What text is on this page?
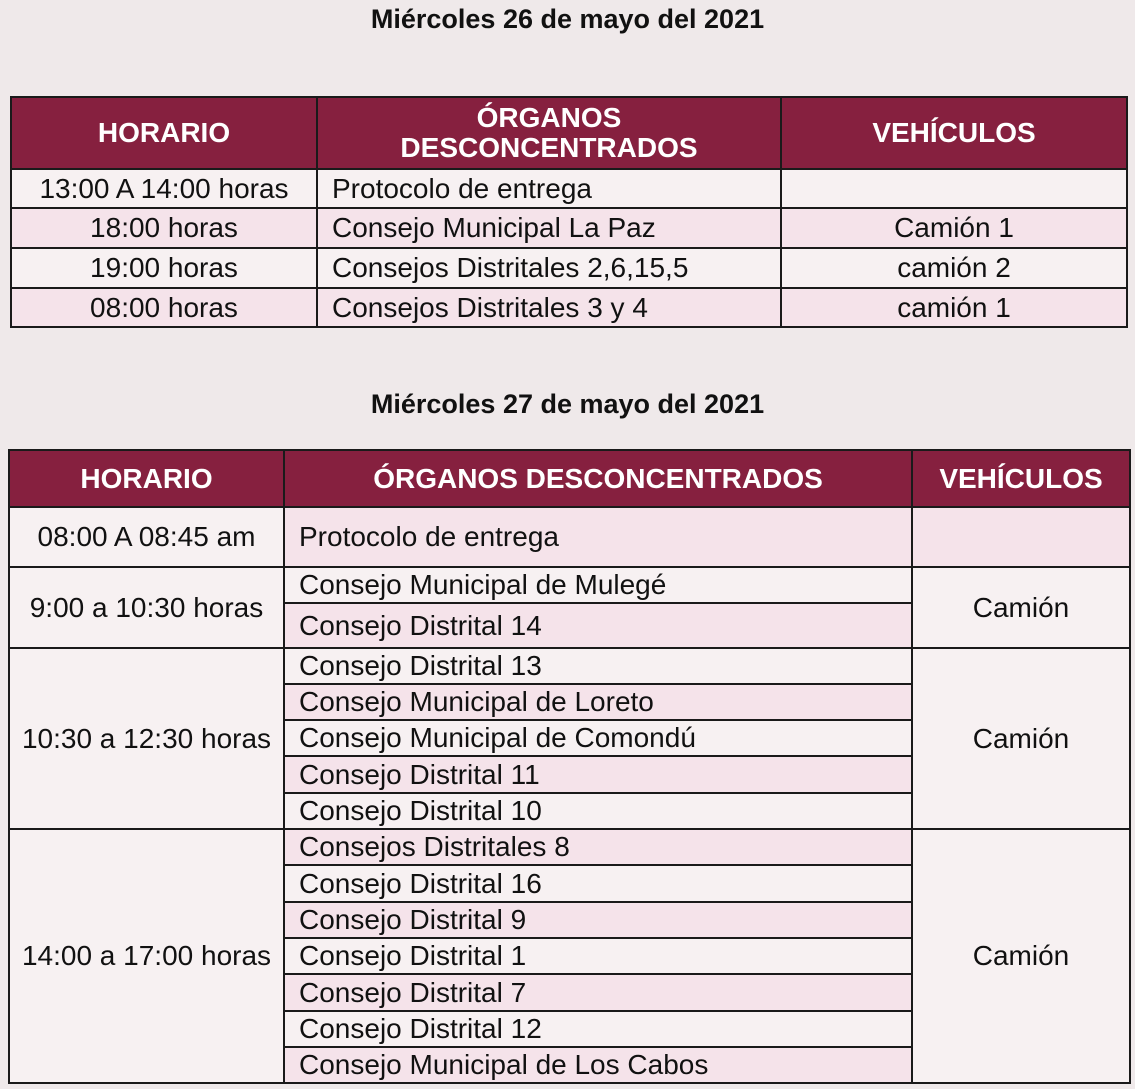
Miércoles 26 de mayo del 2021
HORARIO	ÓRGANOS DESCONCENTRADOS	VEHÍCULOS
13:00 A 14:00 horas	Protocolo de entrega	
18:00 horas	Consejo Municipal La Paz	Camión 1
19:00 horas	Consejos Distritales 2,6,15,5	camión 2
08:00 horas	Consejos Distritales 3 y 4	camión 1
Miércoles 27 de mayo del 2021
HORARIO	ÓRGANOS DESCONCENTRADOS	VEHÍCULOS
08:00 A 08:45 am	Protocolo de entrega	
9:00 a 10:30 horas	Consejo Municipal de Mulegé	Camión
	Consejo Distrital 14	
10:30 a 12:30 horas	Consejo Distrital 13	Camión
	Consejo Municipal de Loreto	
	Consejo Municipal de Comondú	
	Consejo Distrital 11	
	Consejo Distrital 10	
14:00 a 17:00 horas	Consejos Distritales 8	Camión
	Consejo Distrital 16	
	Consejo Distrital 9	
	Consejo Distrital 1	
	Consejo Distrital 7	
	Consejo Distrital 12	
	Consejo Municipal de Los Cabos	
